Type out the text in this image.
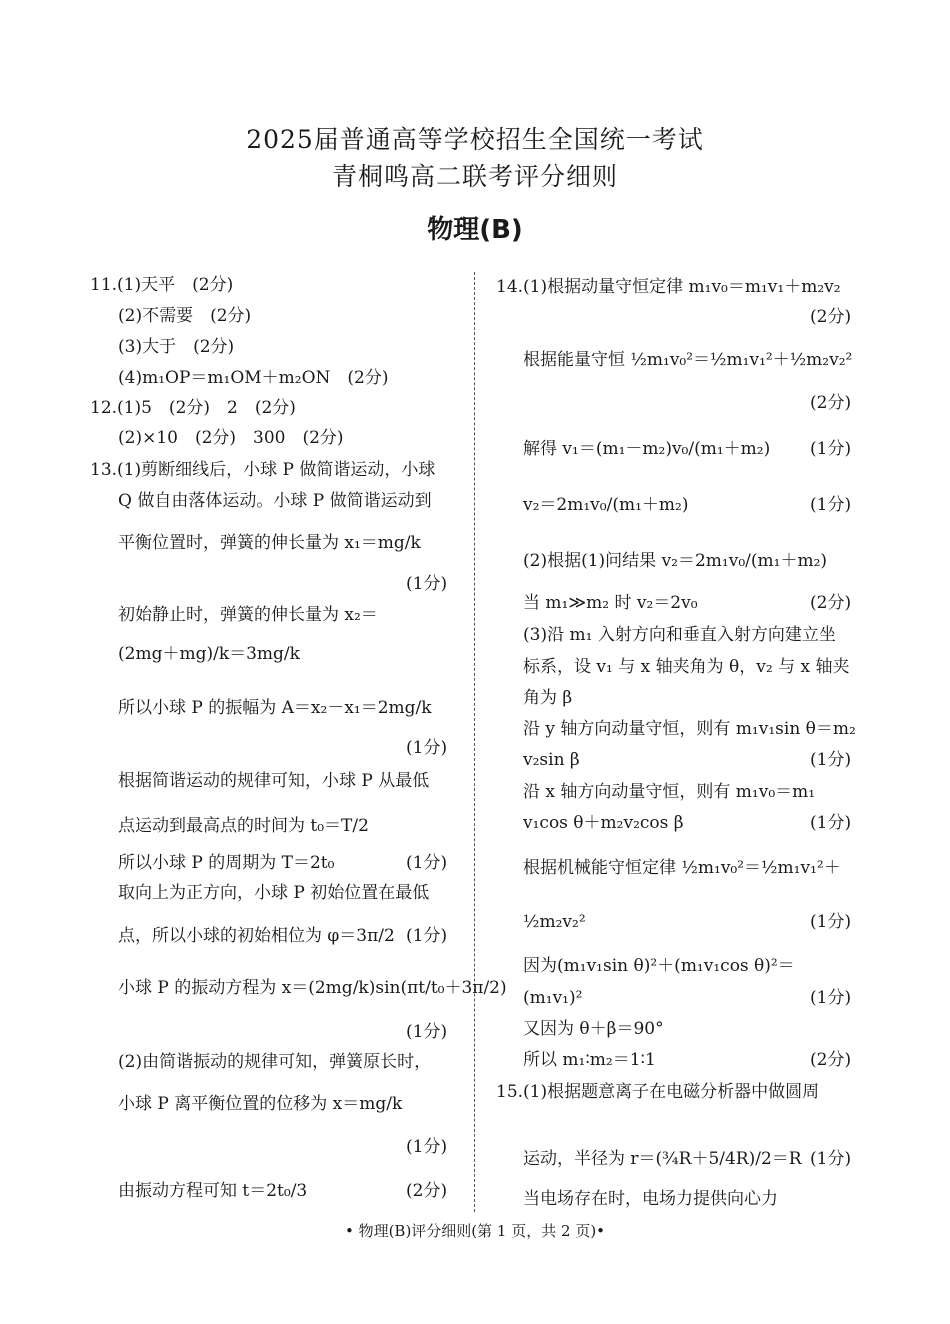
2025届普通高等学校招生全国统一考试
青桐鸣高二联考评分细则
物理(B)
11.(1)天平　(2分)
(2)不需要　(2分)
(3)大于　(2分)
(4)m₁OP＝m₁OM＋m₂ON　(2分)
12.(1)5　(2分)　2　(2分)
(2)×10　(2分)　300　(2分)
13.(1)剪断细线后，小球 P 做简谐运动，小球
Q 做自由落体运动。小球 P 做简谐运动到
平衡位置时，弹簧的伸长量为 x₁＝mg/k
(1分)
初始静止时，弹簧的伸长量为 x₂＝
(2mg＋mg)/k＝3mg/k
所以小球 P 的振幅为 A＝x₂－x₁＝2mg/k
(1分)
根据简谐运动的规律可知，小球 P 从最低
点运动到最高点的时间为 t₀＝T/2
所以小球 P 的周期为 T＝2t₀	(1分)
取向上为正方向，小球 P 初始位置在最低
点，所以小球的初始相位为 φ＝3π/2 (1分)
小球 P 的振动方程为 x＝(2mg/k)sin(πt/t₀＋3π/2)
(1分)
(2)由简谐振动的规律可知，弹簧原长时，
小球 P 离平衡位置的位移为 x＝mg/k
(1分)
由振动方程可知 t＝2t₀/3	(2分)
14.(1)根据动量守恒定律 m₁v₀＝m₁v₁＋m₂v₂
(2分)
根据能量守恒 ½m₁v₀²＝½m₁v₁²＋½m₂v₂²
(2分)
解得 v₁＝(m₁－m₂)v₀/(m₁＋m₂) (1分)
v₂＝2m₁v₀/(m₁＋m₂)	(1分)
(2)根据(1)问结果 v₂＝2m₁v₀/(m₁＋m₂)
当 m₁≫m₂ 时 v₂＝2v₀	(2分)
(3)沿 m₁ 入射方向和垂直入射方向建立坐
标系，设 v₁ 与 x 轴夹角为 θ，v₂ 与 x 轴夹
角为 β
沿 y 轴方向动量守恒，则有 m₁v₁sin θ＝m₂
v₂sin β	(1分)
沿 x 轴方向动量守恒，则有 m₁v₀＝m₁
v₁cos θ＋m₂v₂cos β	(1分)
根据机械能守恒定律 ½m₁v₀²＝½m₁v₁²＋
½m₂v₂²	(1分)
因为(m₁v₁sin θ)²＋(m₁v₁cos θ)²＝
(m₁v₁)²	(1分)
又因为 θ＋β＝90°
所以 m₁∶m₂＝1∶1	(2分)
15.(1)根据题意离子在电磁分析器中做圆周
运动，半径为 r＝(¾R＋5/4R)/2＝R (1分)
当电场存在时，电场力提供向心力
• 物理(B)评分细则(第 1 页，共 2 页)•
